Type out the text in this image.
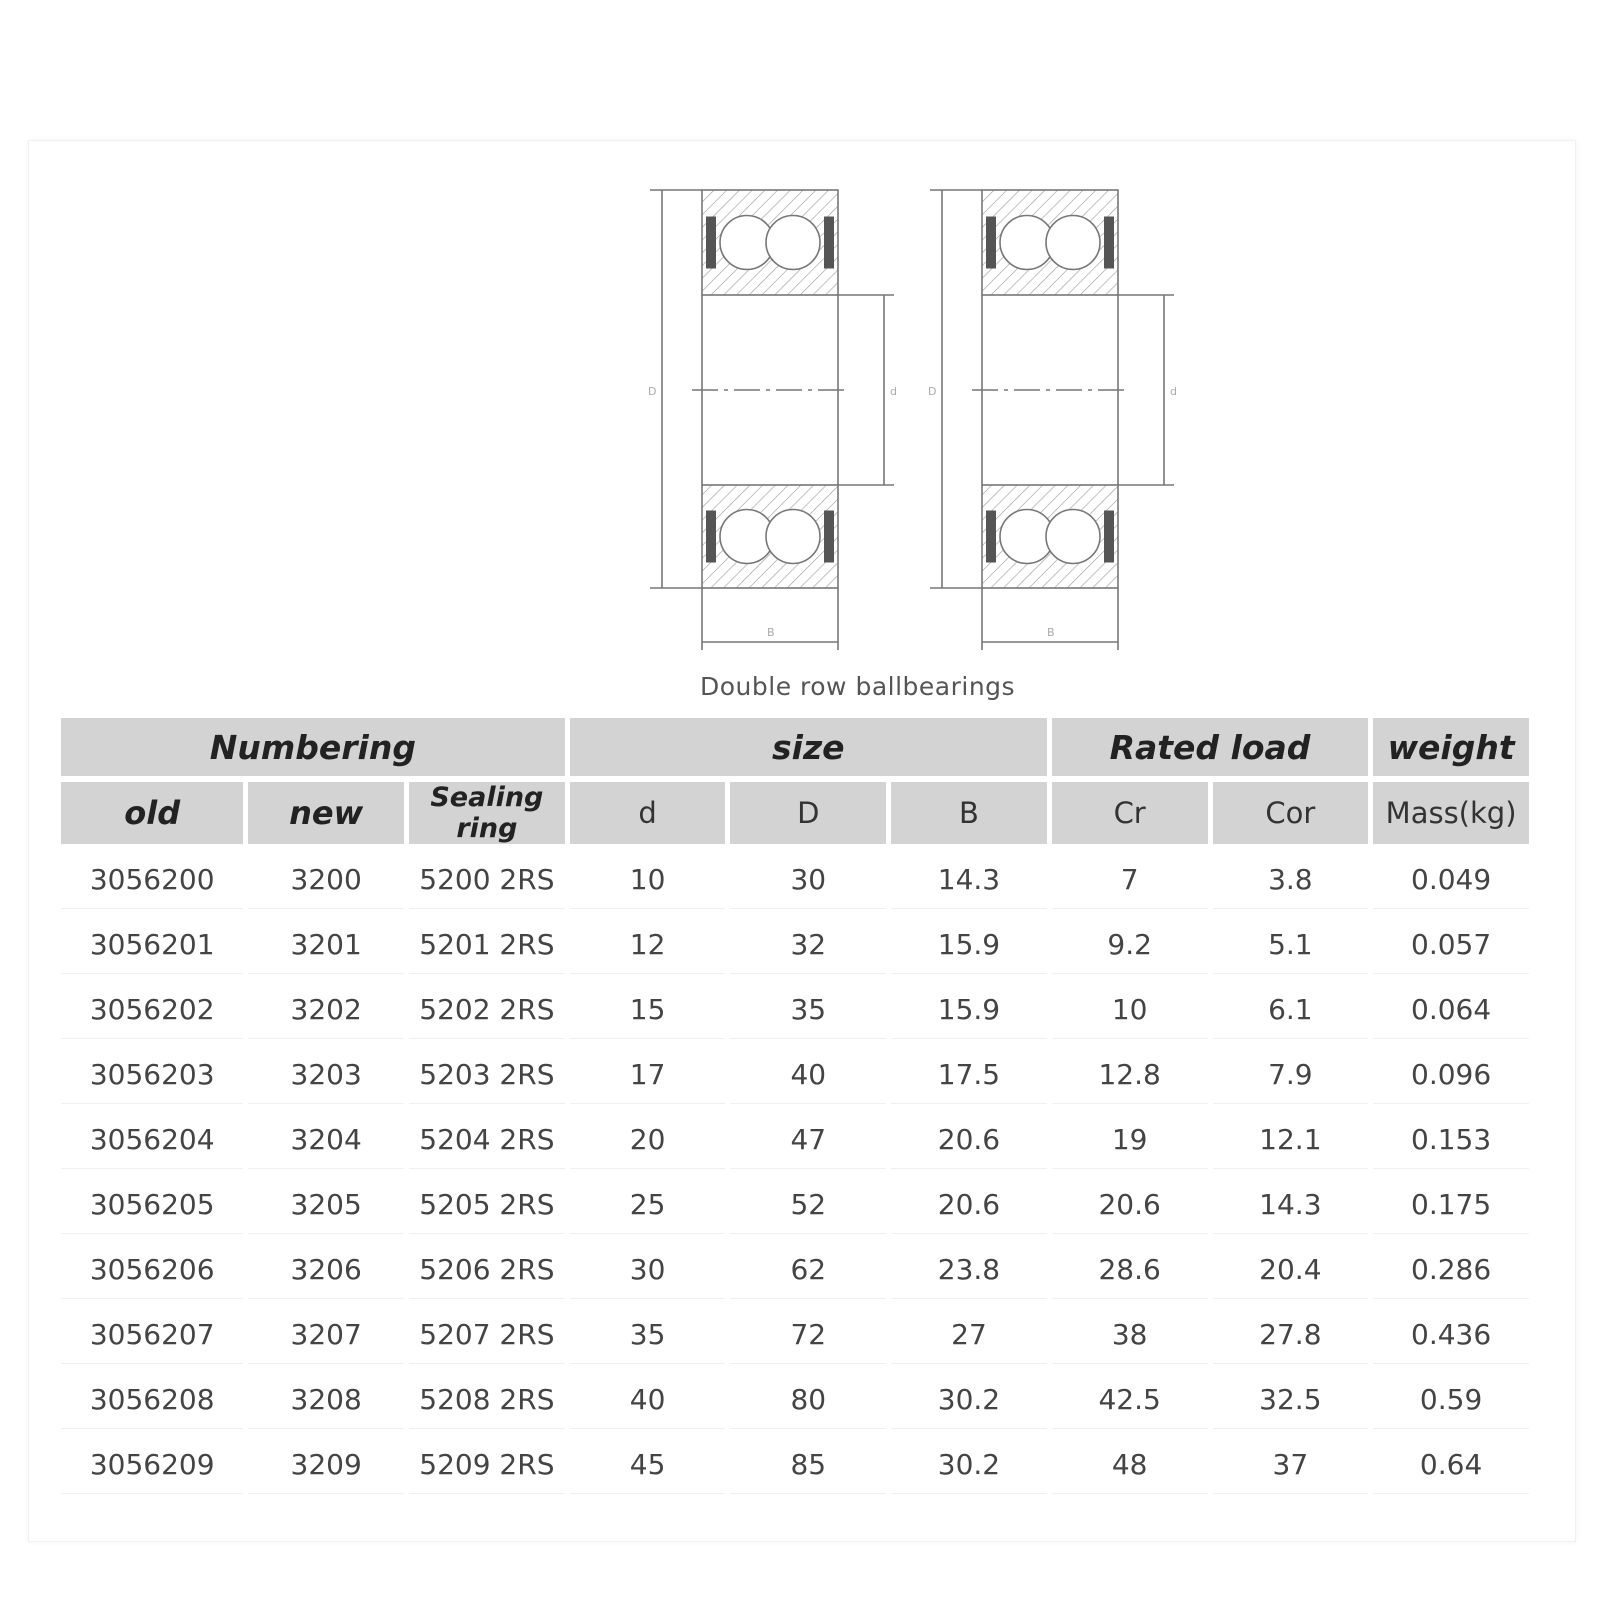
D	d
B
D	d
B
Double row ballbearings
Numbering			size			Rated load		weight
old	new	Sealing ring	d	D	B	Cr	Cor	Mass(kg)
3056200	3200	5200 2RS	10	30	14.3	7	3.8	0.049
3056201	3201	5201 2RS	12	32	15.9	9.2	5.1	0.057
3056202	3202	5202 2RS	15	35	15.9	10	6.1	0.064
3056203	3203	5203 2RS	17	40	17.5	12.8	7.9	0.096
3056204	3204	5204 2RS	20	47	20.6	19	12.1	0.153
3056205	3205	5205 2RS	25	52	20.6	20.6	14.3	0.175
3056206	3206	5206 2RS	30	62	23.8	28.6	20.4	0.286
3056207	3207	5207 2RS	35	72	27	38	27.8	0.436
3056208	3208	5208 2RS	40	80	30.2	42.5	32.5	0.59
3056209	3209	5209 2RS	45	85	30.2	48	37	0.64
